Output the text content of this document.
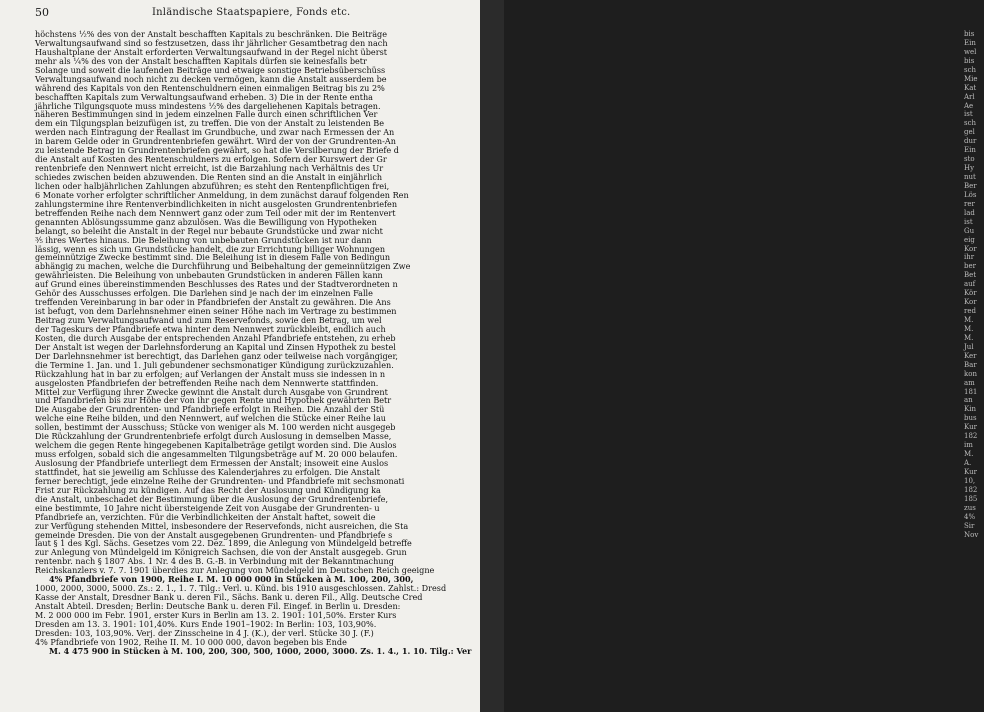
50	Inländische Staatspapiere, Fonds etc.
höchstens ½% des von der Anstalt beschafften Kapitals zu beschränken. Die Beiträge
Verwaltungsaufwand sind so festzusetzen, dass ihr jährlicher Gesamtbetrag den nach
Haushaltplane der Anstalt erforderten Verwaltungsaufwand in der Regel nicht überst
mehr als ¼% des von der Anstalt beschafften Kapitals dürfen sie keinesfalls betr
Solange und soweit die laufenden Beiträge und etwaige sonstige Betriebsüberschüss
Verwaltungsaufwand noch nicht zu decken vermögen, kann die Anstalt ausserdem be
während des Kapitals von den Rentenschuldnern einen einmaligen Beitrag bis zu 2%
beschafften Kapitals zum Verwaltungsaufwand erheben. 3) Die in der Rente entha
jährliche Tilgungsquote muss mindestens ½% des dargeliehenen Kapitals betragen.
näheren Bestimmungen sind in jedem einzelnen Falle durch einen schriftlichen Ver
dem ein Tilgungsplan beizufügen ist, zu treffen. Die von der Anstalt zu leistenden Be
werden nach Eintragung der Reallast im Grundbuche, und zwar nach Ermessen der An
in barem Gelde oder in Grundrentenbriefen gewährt. Wird der von der Grundrenten-An
zu leistende Betrag in Grundrentenbriefen gewährt, so hat die Versilberung der Briefe d
die Anstalt auf Kosten des Rentenschuldners zu erfolgen. Sofern der Kurswert der Gr
rentenbriefe den Nennwert nicht erreicht, ist die Barzahlung nach Verhältnis des Ur
schiedes zwischen beiden abzuwenden. Die Renten sind an die Anstalt in einjährlich
lichen oder halbjährlichen Zahlungen abzuführen; es steht den Rentenpflichtigen frei,
6 Monate vorher erfolgter schriftlicher Anmeldung, in dem zunächst darauf folgenden Ren
zahlungstermine ihre Rentenverbindlichkeiten in nicht ausgelosten Grundrentenbriefen
betreffenden Reihe nach dem Nennwert ganz oder zum Teil oder mit der im Rentenvert
genannten Ablösungssumme ganz abzulösen. Was die Bewilligung von Hypotheken
belangt, so beleiht die Anstalt in der Regel nur bebaute Grundstücke und zwar nicht
³⁄₅ ihres Wertes hinaus. Die Beleihung von unbebauten Grundstücken ist nur dann
lässig, wenn es sich um Grundstücke handelt, die zur Errichtung billiger Wohnungen
gemeinnützige Zwecke bestimmt sind. Die Beleihung ist in diesem Falle von Bedingun
abhängig zu machen, welche die Durchführung und Beibehaltung der gemeinnützigen Zwe
gewährleisten. Die Beleihung von unbebauten Grundstücken in anderen Fällen kann
auf Grund eines übereinstimmenden Beschlusses des Rates und der Stadtverordneten n
Gehör des Ausschusses erfolgen. Die Darlehen sind je nach der im einzelnen Falle
treffenden Vereinbarung in bar oder in Pfandbriefen der Anstalt zu gewähren. Die Ans
ist befugt, von dem Darlehnsnehmer einen seiner Höhe nach im Vertrage zu bestimmen
Beitrag zum Verwaltungsaufwand und zum Reservefonds, sowie den Betrag, um wel
der Tageskurs der Pfandbriefe etwa hinter dem Nennwert zurückbleibt, endlich auch
Kosten, die durch Ausgabe der entsprechenden Anzahl Pfandbriefe entstehen, zu erheb
Der Anstalt ist wegen der Darlehnsforderung an Kapital und Zinsen Hypothek zu bestel
Der Darlehnsnehmer ist berechtigt, das Darlehen ganz oder teilweise nach vorgängiger,
die Termine 1. Jan. und 1. Juli gebundener sechsmonatiger Kündigung zurückzuzahlen.
Rückzahlung hat in bar zu erfolgen; auf Verlangen der Anstalt muss sie indessen in n
ausgelosten Pfandbriefen der betreffenden Reihe nach dem Nennwerte stattfinden.
Mittel zur Verfügung ihrer Zwecke gewinnt die Anstalt durch Ausgabe von Grundrent
und Pfandbriefen bis zur Höhe der von ihr gegen Rente und Hypothek gewährten Betr
Die Ausgabe der Grundrenten- und Pfandbriefe erfolgt in Reihen. Die Anzahl der Stü
welche eine Reihe bilden, und den Nennwert, auf welchen die Stücke einer Reihe lau
sollen, bestimmt der Ausschuss; Stücke von weniger als M. 100 werden nicht ausgegeb
Die Rückzahlung der Grundrentenbriefe erfolgt durch Auslosung in demselben Masse,
welchem die gegen Rente hingegebenen Kapitalbeträge getilgt worden sind. Die Auslos
muss erfolgen, sobald sich die angesammelten Tilgungsbeträge auf M. 20 000 belaufen.
Auslosung der Pfandbriefe unterliegt dem Ermessen der Anstalt; insoweit eine Auslos
stattfindet, hat sie jeweilig am Schlusse des Kalenderjahres zu erfolgen. Die Anstalt
ferner berechtigt, jede einzelne Reihe der Grundrenten- und Pfandbriefe mit sechsmonati
Frist zur Rückzahlung zu kündigen. Auf das Recht der Auslosung und Kündigung ka
die Anstalt, unbeschadet der Bestimmung über die Auslosung der Grundrentenbriefe,
eine bestimmte, 10 Jahre nicht übersteigende Zeit von Ausgabe der Grundrenten- u
Pfandbriefe an, verzichten. Für die Verbindlichkeiten der Anstalt haftet, soweit die
zur Verfügung stehenden Mittel, insbesondere der Reservefonds, nicht ausreichen, die Sta
gemeinde Dresden. Die von der Anstalt ausgegebenen Grundrenten- und Pfandbriefe s
laut § 1 des Kgl. Sächs. Gesetzes vom 22. Dez. 1899, die Anlegung von Mündelgeld betreffe
zur Anlegung von Mündelgeld im Königreich Sachsen, die von der Anstalt ausgegeb. Grun
rentenbr. nach § 1807 Abs. 1 Nr. 4 des B. G.-B. in Verbindung mit der Bekanntmachung
Reichskanzlers v. 7. 7. 1901 überdies zur Anlegung von Mündelgeld im Deutschen Reich geeigne
4% Pfandbriefe von 1900, Reihe I. M. 10 000 000 in Stücken à M. 100, 200, 300,
1000, 2000, 3000, 5000. Zs.: 2. 1., 1. 7. Tilg.: Verl. u. Künd. bis 1910 ausgeschlossen. Zahlst.: Dresd
Kasse der Anstalt, Dresdner Bank u. deren Fil., Sächs. Bank u. deren Fil., Allg. Deutsche Cred
Anstalt Abteil. Dresden; Berlin: Deutsche Bank u. deren Fil. Eingef. in Berlin u. Dresden:
M. 2 000 000 im Febr. 1901, erster Kurs in Berlin am 13. 2. 1901: 101,50%. Erster Kurs
Dresden am 13. 3. 1901: 101,40%. Kurs Ende 1901–1902: In Berlin: 103, 103,90%.
Dresden: 103, 103,90%. Verj. der Zinsscheine in 4 J. (K.), der verl. Stücke 30 J. (F.)
4% Pfandbriefe von 1902, Reihe II. M. 10 000 000, davon begeben bis Ende
M. 4 475 900 in Stücken à M. 100, 200, 300, 500, 1000, 2000, 3000. Zs. 1. 4., 1. 10. Tilg.: Ver
bis
Ein
wel
bis
sch
Mie
Kat
Arl
Ae
ist
sch
gel
dur
Ein
sto
Hy
nut
Ber
Lös
rer
lad
ist
Gu
eig
Kor
ihr
ber
Bet
auf
Kör
Kor
red
M.
M.
M.
Jul
Ker
Bar
kon
am
181
an
Kin
bus
Kur
182
im
M.
A.
Kur
10,
182
185
zus
4%
Sir
Nov
